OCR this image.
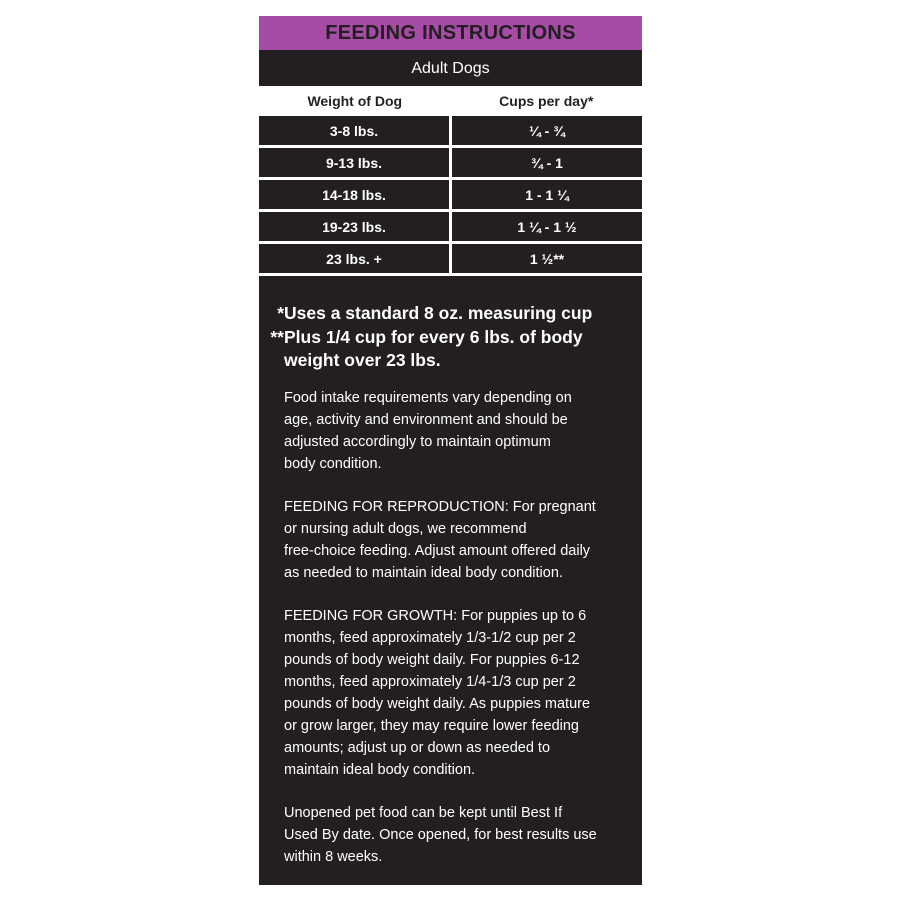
FEEDING INSTRUCTIONS
Adult Dogs
Weight of Dog	Cups per day*
3-8 lbs.	¼ - ¾
9-13 lbs.	¾ - 1
14-18 lbs.	1 - 1 ¼
19-23 lbs.	1 ¼ - 1 ½
23 lbs. +	1 ½**
* Uses a standard 8 oz. measuring cup
** Plus 1/4 cup for every 6 lbs. of body weight over 23 lbs.

Food intake requirements vary depending on
age, activity and environment and should be
adjusted accordingly to maintain optimum
body condition.

FEEDING FOR REPRODUCTION: For pregnant
or nursing adult dogs, we recommend
free-choice feeding. Adjust amount offered daily
as needed to maintain ideal body condition.

FEEDING FOR GROWTH: For puppies up to 6
months, feed approximately 1/3-1/2 cup per 2
pounds of body weight daily. For puppies 6-12
months, feed approximately 1/4-1/3 cup per 2
pounds of body weight daily. As puppies mature
or grow larger, they may require lower feeding
amounts; adjust up or down as needed to
maintain ideal body condition.

Unopened pet food can be kept until Best If
Used By date. Once opened, for best results use
within 8 weeks.
